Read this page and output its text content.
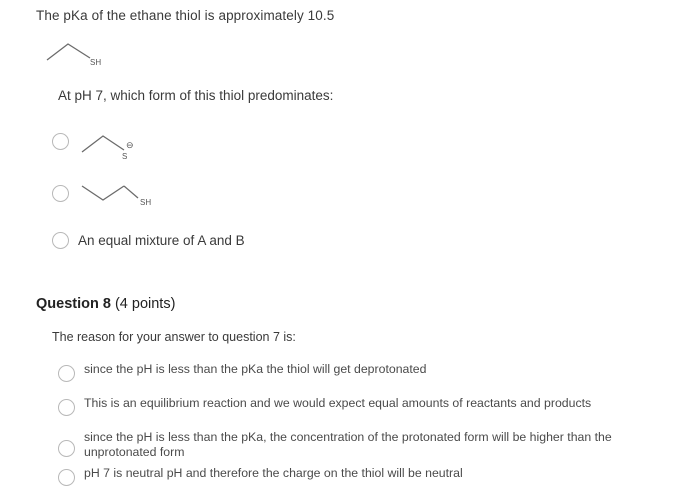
The pKa of the ethane thiol is approximately 10.5
SH
At pH 7, which form of this thiol predominates:
S
⊖
SH
An equal mixture of A and B
Question 8 (4 points)
The reason for your answer to question 7 is:
since the pH is less than the pKa the thiol will get deprotonated
This is an equilibrium reaction and we would expect equal amounts of reactants and products
since the pH is less than the pKa, the concentration of the protonated form will be higher than the unprotonated form
pH 7 is neutral pH and therefore the charge on the thiol will be neutral
